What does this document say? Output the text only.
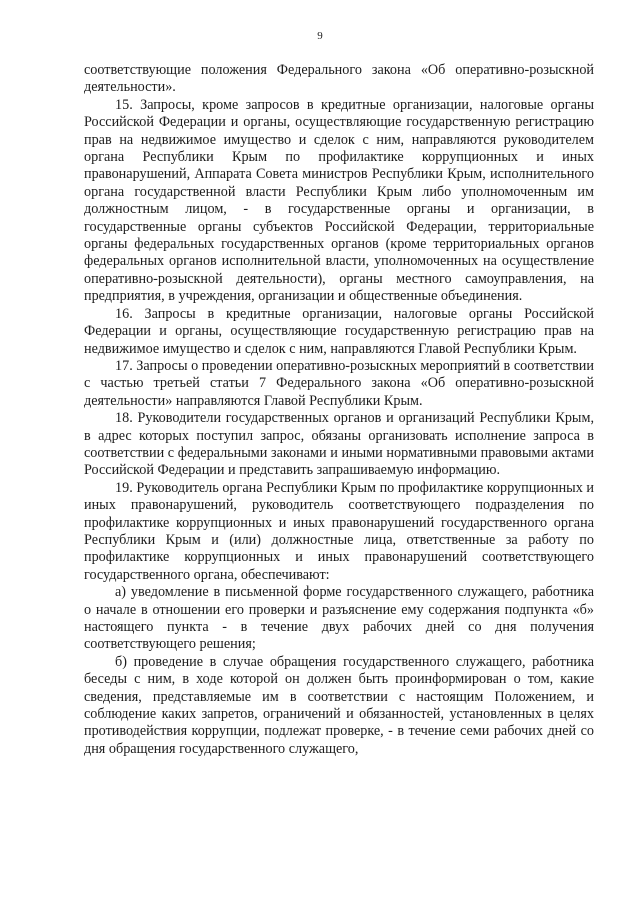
9

соответствующие положения Федерального закона «Об оперативно-розыскной деятельности».

15. Запросы, кроме запросов в кредитные организации, налоговые органы Российской Федерации и органы, осуществляющие государственную регистрацию прав на недвижимое имущество и сделок с ним, направляются руководителем органа Республики Крым по профилактике коррупционных и иных правонарушений, Аппарата Совета министров Республики Крым, исполнительного органа государственной власти Республики Крым либо уполномоченным им должностным лицом, - в государственные органы и организации, в государственные органы субъектов Российской Федерации, территориальные органы федеральных государственных органов (кроме территориальных органов федеральных органов исполнительной власти, уполномоченных на осуществление оперативно-розыскной деятельности), органы местного самоуправления, на предприятия, в учреждения, организации и общественные объединения.

16. Запросы в кредитные организации, налоговые органы Российской Федерации и органы, осуществляющие государственную регистрацию прав на недвижимое имущество и сделок с ним, направляются Главой Республики Крым.

17. Запросы о проведении оперативно-розыскных мероприятий в соответствии с частью третьей статьи 7 Федерального закона «Об оперативно-розыскной деятельности» направляются Главой Республики Крым.

18. Руководители государственных органов и организаций Республики Крым, в адрес которых поступил запрос, обязаны организовать исполнение запроса в соответствии с федеральными законами и иными нормативными правовыми актами Российской Федерации и представить запрашиваемую информацию.

19. Руководитель органа Республики Крым по профилактике коррупционных и иных правонарушений, руководитель соответствующего подразделения по профилактике коррупционных и иных правонарушений государственного органа Республики Крым и (или) должностные лица, ответственные за работу по профилактике коррупционных и иных правонарушений соответствующего государственного органа, обеспечивают:

а) уведомление в письменной форме государственного служащего, работника о начале в отношении его проверки и разъяснение ему содержания подпункта «б» настоящего пункта - в течение двух рабочих дней со дня получения соответствующего решения;

б) проведение в случае обращения государственного служащего, работника беседы с ним, в ходе которой он должен быть проинформирован о том, какие сведения, представляемые им в соответствии с настоящим Положением, и соблюдение каких запретов, ограничений и обязанностей, установленных в целях противодействия коррупции, подлежат проверке, - в течение семи рабочих дней со дня обращения государственного служащего,
